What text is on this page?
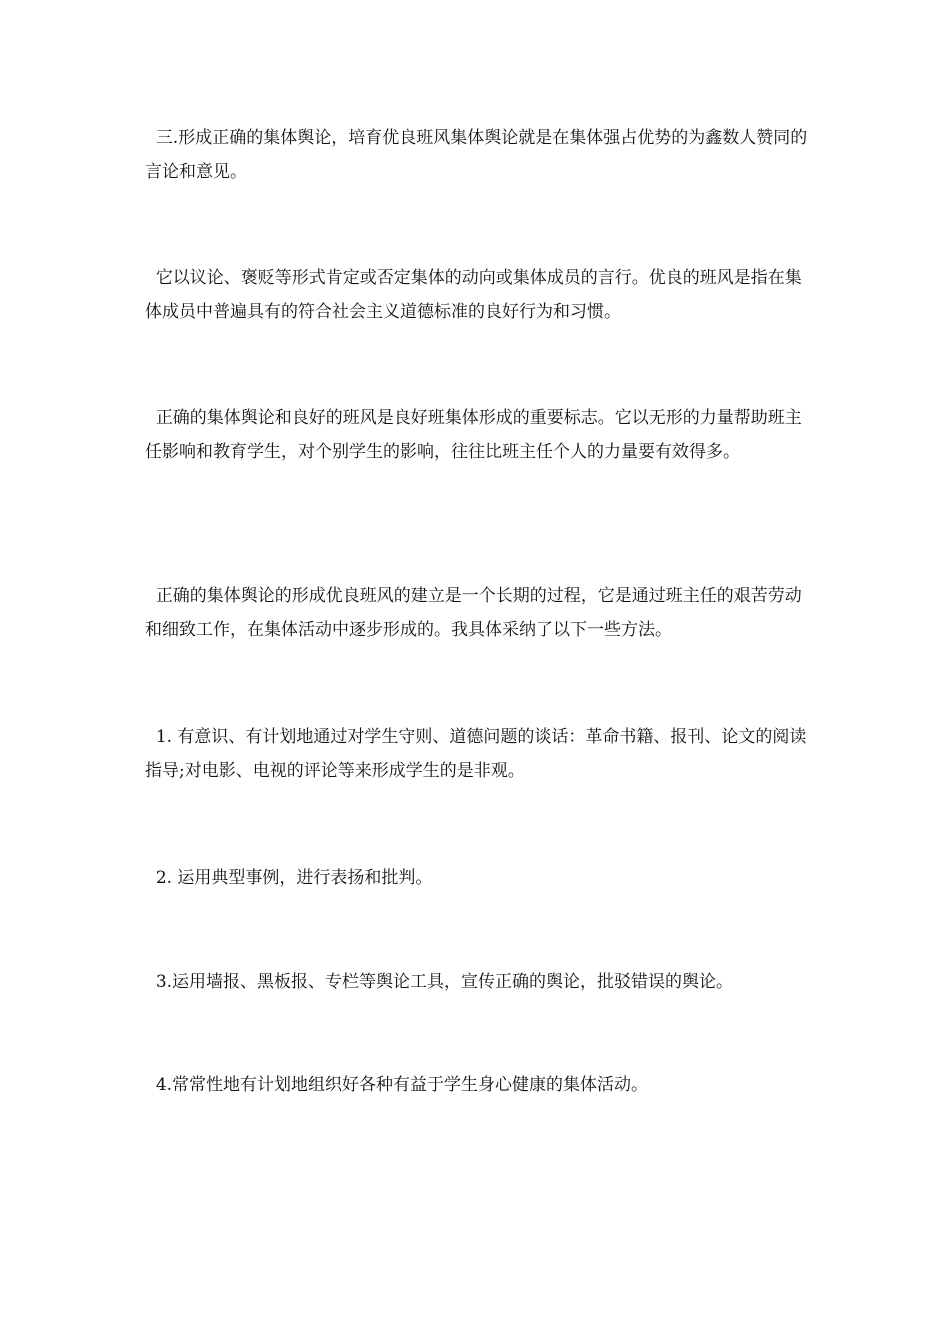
三.形成正确的集体舆论，培育优良班风集体舆论就是在集体强占优势的为鑫数人赞同的言论和意见。

它以议论、褒贬等形式肯定或否定集体的动向或集体成员的言行。优良的班风是指在集体成员中普遍具有的符合社会主义道德标准的良好行为和习惯。

正确的集体舆论和良好的班风是良好班集体形成的重要标志。它以无形的力量帮助班主任影响和教育学生，对个别学生的影响，往往比班主任个人的力量要有效得多。

正确的集体舆论的形成优良班风的建立是一个长期的过程，它是通过班主任的艰苦劳动和细致工作，在集体活动中逐步形成的。我具体采纳了以下一些方法。

1. 有意识、有计划地通过对学生守则、道德问题的谈话：革命书籍、报刊、论文的阅读指导;对电影、电视的评论等来形成学生的是非观。

2. 运用典型事例，进行表扬和批判。

3.运用墙报、黑板报、专栏等舆论工具，宣传正确的舆论，批驳错误的舆论。

4.常常性地有计划地组织好各种有益于学生身心健康的集体活动。
